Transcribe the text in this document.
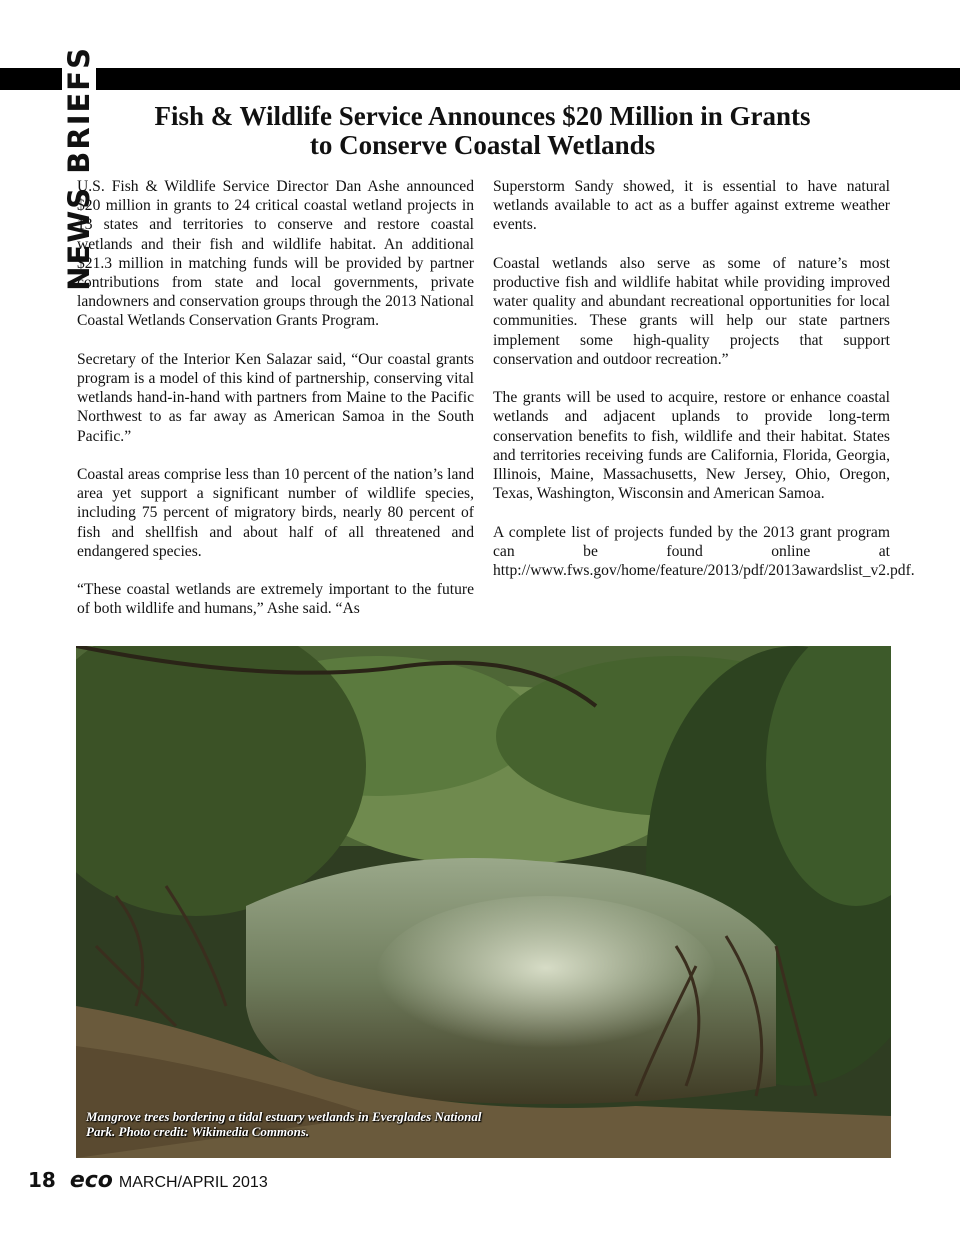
NEWS BRIEFS	Fish & Wildlife Service Announces $20 Million in Grants
to Conserve Coastal Wetlands

U.S. Fish & Wildlife Service Director Dan Ashe announced $20 million in grants to 24 critical coastal wetland projects in 13 states and territories to conserve and restore coastal wetlands and their fish and wildlife habitat. An additional $21.3 million in matching funds will be provided by partner contributions from state and local governments, private landowners and conservation groups through the 2013 National Coastal Wetlands Conservation Grants Program.

Secretary of the Interior Ken Salazar said, “Our coastal grants program is a model of this kind of partnership, conserving vital wetlands hand-in-hand with partners from Maine to the Pacific Northwest to as far away as American Samoa in the South Pacific.”

Coastal areas comprise less than 10 percent of the nation’s land area yet support a significant number of wildlife species, including 75 percent of migratory birds, nearly 80 percent of fish and shellfish and about half of all threatened and endangered species.

“These coastal wetlands are extremely important to the future of both wildlife and humans,” Ashe said. “As

Superstorm Sandy showed, it is essential to have natural wetlands available to act as a buffer against extreme weather events.

Coastal wetlands also serve as some of nature’s most productive fish and wildlife habitat while providing improved water quality and abundant recreational opportunities for local communities. These grants will help our state partners implement some high-quality projects that support conservation and outdoor recreation.”

The grants will be used to acquire, restore or enhance coastal wetlands and adjacent uplands to provide long-term conservation benefits to fish, wildlife and their habitat. States and territories receiving funds are California, Florida, Georgia, Illinois, Maine, Massachusetts, New Jersey, Ohio, Oregon, Texas, Washington, Wisconsin and American Samoa.

A complete list of projects funded by the 2013 grant program can be found online at http://www.fws.gov/home/feature/2013/pdf/2013awardslist_v2.pdf.

Mangrove trees bordering a tidal estuary wetlands in Everglades National Park. Photo credit: Wikimedia Commons.
18 eco MARCH/APRIL 2013
